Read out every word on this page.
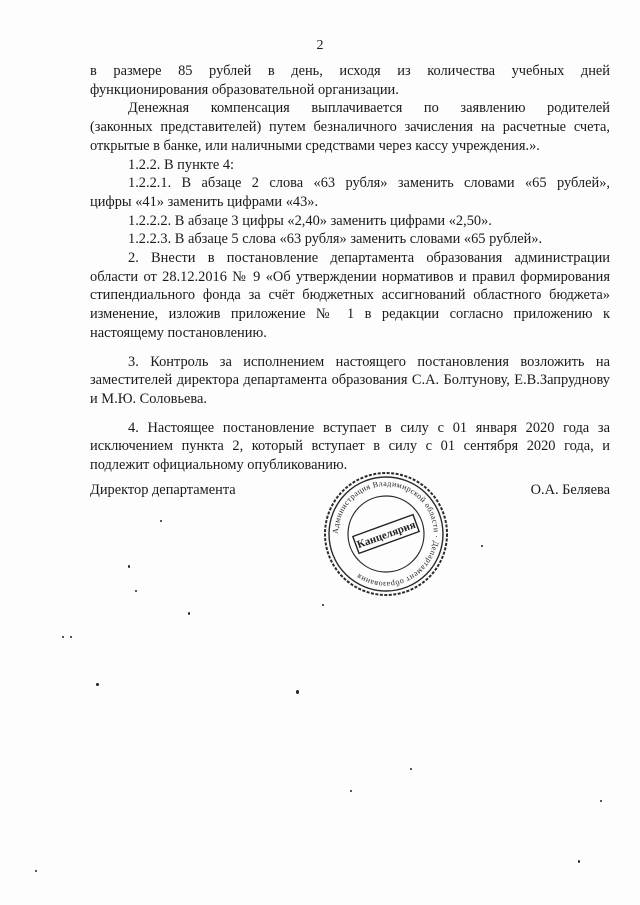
2

в размере 85 рублей в день, исходя из количества учебных дней

функционирования образовательной организации.

Денежная компенсация выплачивается по заявлению родителей

(законных представителей) путем безналичного зачисления на расчетные счета, открытые в банке, или наличными средствами через кассу учреждения.».

1.2.2. В пункте 4:

1.2.2.1. В абзаце 2 слова «63 рубля» заменить словами «65 рублей»,

цифры «41» заменить цифрами «43».

1.2.2.2. В абзаце 3 цифры «2,40» заменить цифрами «2,50».

1.2.2.3. В абзаце 5 слова «63 рубля» заменить словами «65 рублей».

2. Внести в постановление департамента образования администрации

области от 28.12.2016 № 9 «Об утверждении нормативов и правил формирования стипендиального фонда за счёт бюджетных ассигнований областного бюджета» изменение, изложив приложение № 1 в редакции согласно приложению к настоящему постановлению.

3. Контроль за исполнением настоящего постановления возложить на

заместителей директора департамента образования С.А. Болтунову, Е.В.Запруднову и М.Ю. Соловьева.

4. Настоящее постановление вступает в силу с 01 января 2020 года за

исключением пункта 2, который вступает в силу с 01 сентября 2020 года, и подлежит официальному опубликованию.

Директор департамента	О.А. Беляева
Администрация Владимирской области · Департамент образования
Канцелярия
